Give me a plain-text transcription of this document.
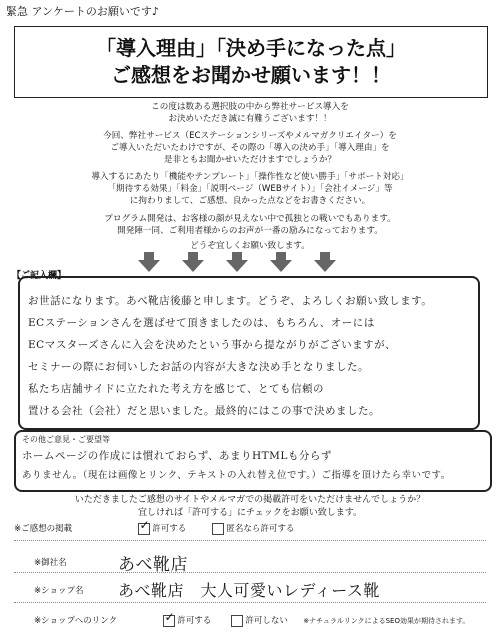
緊急 アンケートのお願いです♪
「導入理由」「決め手になった点」
ご感想をお聞かせ願います！！
この度は数ある選択肢の中から弊社サービス導入を
お決めいただき誠に有難うございます！！
今回、弊社サービス（ECステーションシリーズやメルマガクリエイター）を
ご導入いただいたわけですが、その際の「導入の決め手」「導入理由」を
是非ともお聞かせいただけますでしょうか？
導入するにあたり「機能やテンプレート」「操作性など使い勝手」「サポート対応」
「期待する効果」「料金」「説明ページ（WEBサイト）」「会社イメージ」等
に拘わりまして、ご感想、良かった点などをお書きください。
プログラム開発は、お客様の顔が見えない中で孤独との戦いでもあります。
開発陣一同、ご利用者様からのお声が一番の励みになっております。
どうぞ宜しくお願い致します。
【ご記入欄】
お世話になります。あべ靴店後藤と申します。どうぞ、よろしくお願い致します。
ECステーションさんを選ばせて頂きましたのは、もちろん、オーには
ECマスターズさんに入会を決めたという事から提ながりがございますが、
セミナーの際にお伺いしたお話の内容が大きな決め手となりました。
私たち店舗サイドに立たれた考え方を感じて、とても信頼の
置ける会社（会社）だと思いました。最終的にはこの事で決めました。
その他ご意見・ご要望等
ホームページの作成には慣れておらず、あまりHTMLも分らず
ありません。（現在は画像とリンク、テキストの入れ替え位です。）ご指導を頂けたら幸いです。
いただきましたご感想のサイトやメルマガでの掲載許可をいただけませんでしょうか？
宜しければ「許可する」にチェックをお願い致します。
※ご感想の掲載	✓ 許可する	匿名なら許可する
※御社名	あべ靴店
※ショップ名 あべ靴店　大人可愛いレディース靴
※ショップへのリンク	✓ 許可する	許可しない ※ナチュラルリンクによるSEO効果が期待されます。
